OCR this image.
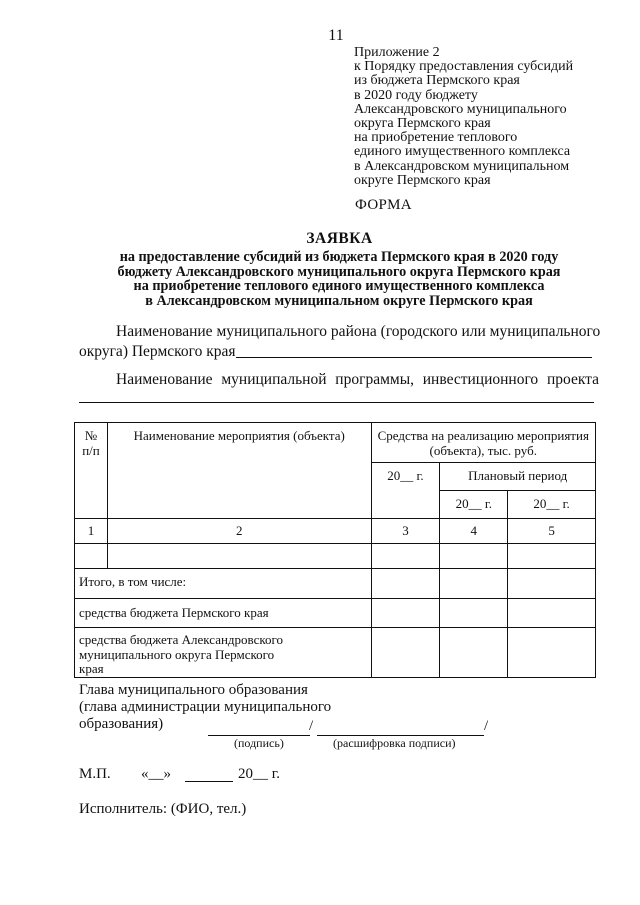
11
Приложение 2
к Порядку предоставления субсидий
из бюджета Пермского края
в 2020 году бюджету
Александровского муниципального
округа Пермского края
на приобретение теплового
единого имущественного комплекса
в Александровском муниципальном
округе Пермского края
ФОРМА
ЗАЯВКА
на предоставление субсидий из бюджета Пермского края в 2020 году
бюджету Александровского муниципального округа Пермского края
на приобретение теплового единого имущественного комплекса
в Александровском муниципальном округе Пермского края
Наименование муниципального района (городского или муниципального
округа) Пермского края
Наименование муниципальной программы, инвестиционного проекта
№ п/п	Наименование мероприятия (объекта)	Средства на реализацию мероприятия (объекта), тыс. руб.		
		20__ г.	Плановый период	
			20__ г.	20__ г.
1	2	3	4	5

Итого, в том числе:				
средства бюджета Пермского края				
средства бюджета Александровского муниципального округа Пермского края				
Глава муниципального образования
(глава администрации муниципального
образования)	/	/
(подпись)	(расшифровка подписи)
М.П. «__»	20__ г.
Исполнитель: (ФИО, тел.)
